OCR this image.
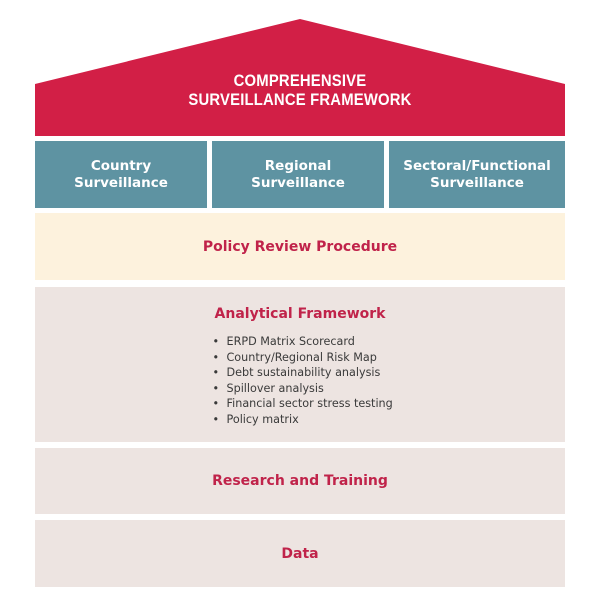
COMPREHENSIVE
SURVEILLANCE FRAMEWORK
Country
Surveillance
Regional
Surveillance
Sectoral/Functional
Surveillance
Policy Review Procedure
Analytical Framework
• ERPD Matrix Scorecard
• Country/Regional Risk Map
• Debt sustainability analysis
• Spillover analysis
• Financial sector stress testing
• Policy matrix
Research and Training
Data
